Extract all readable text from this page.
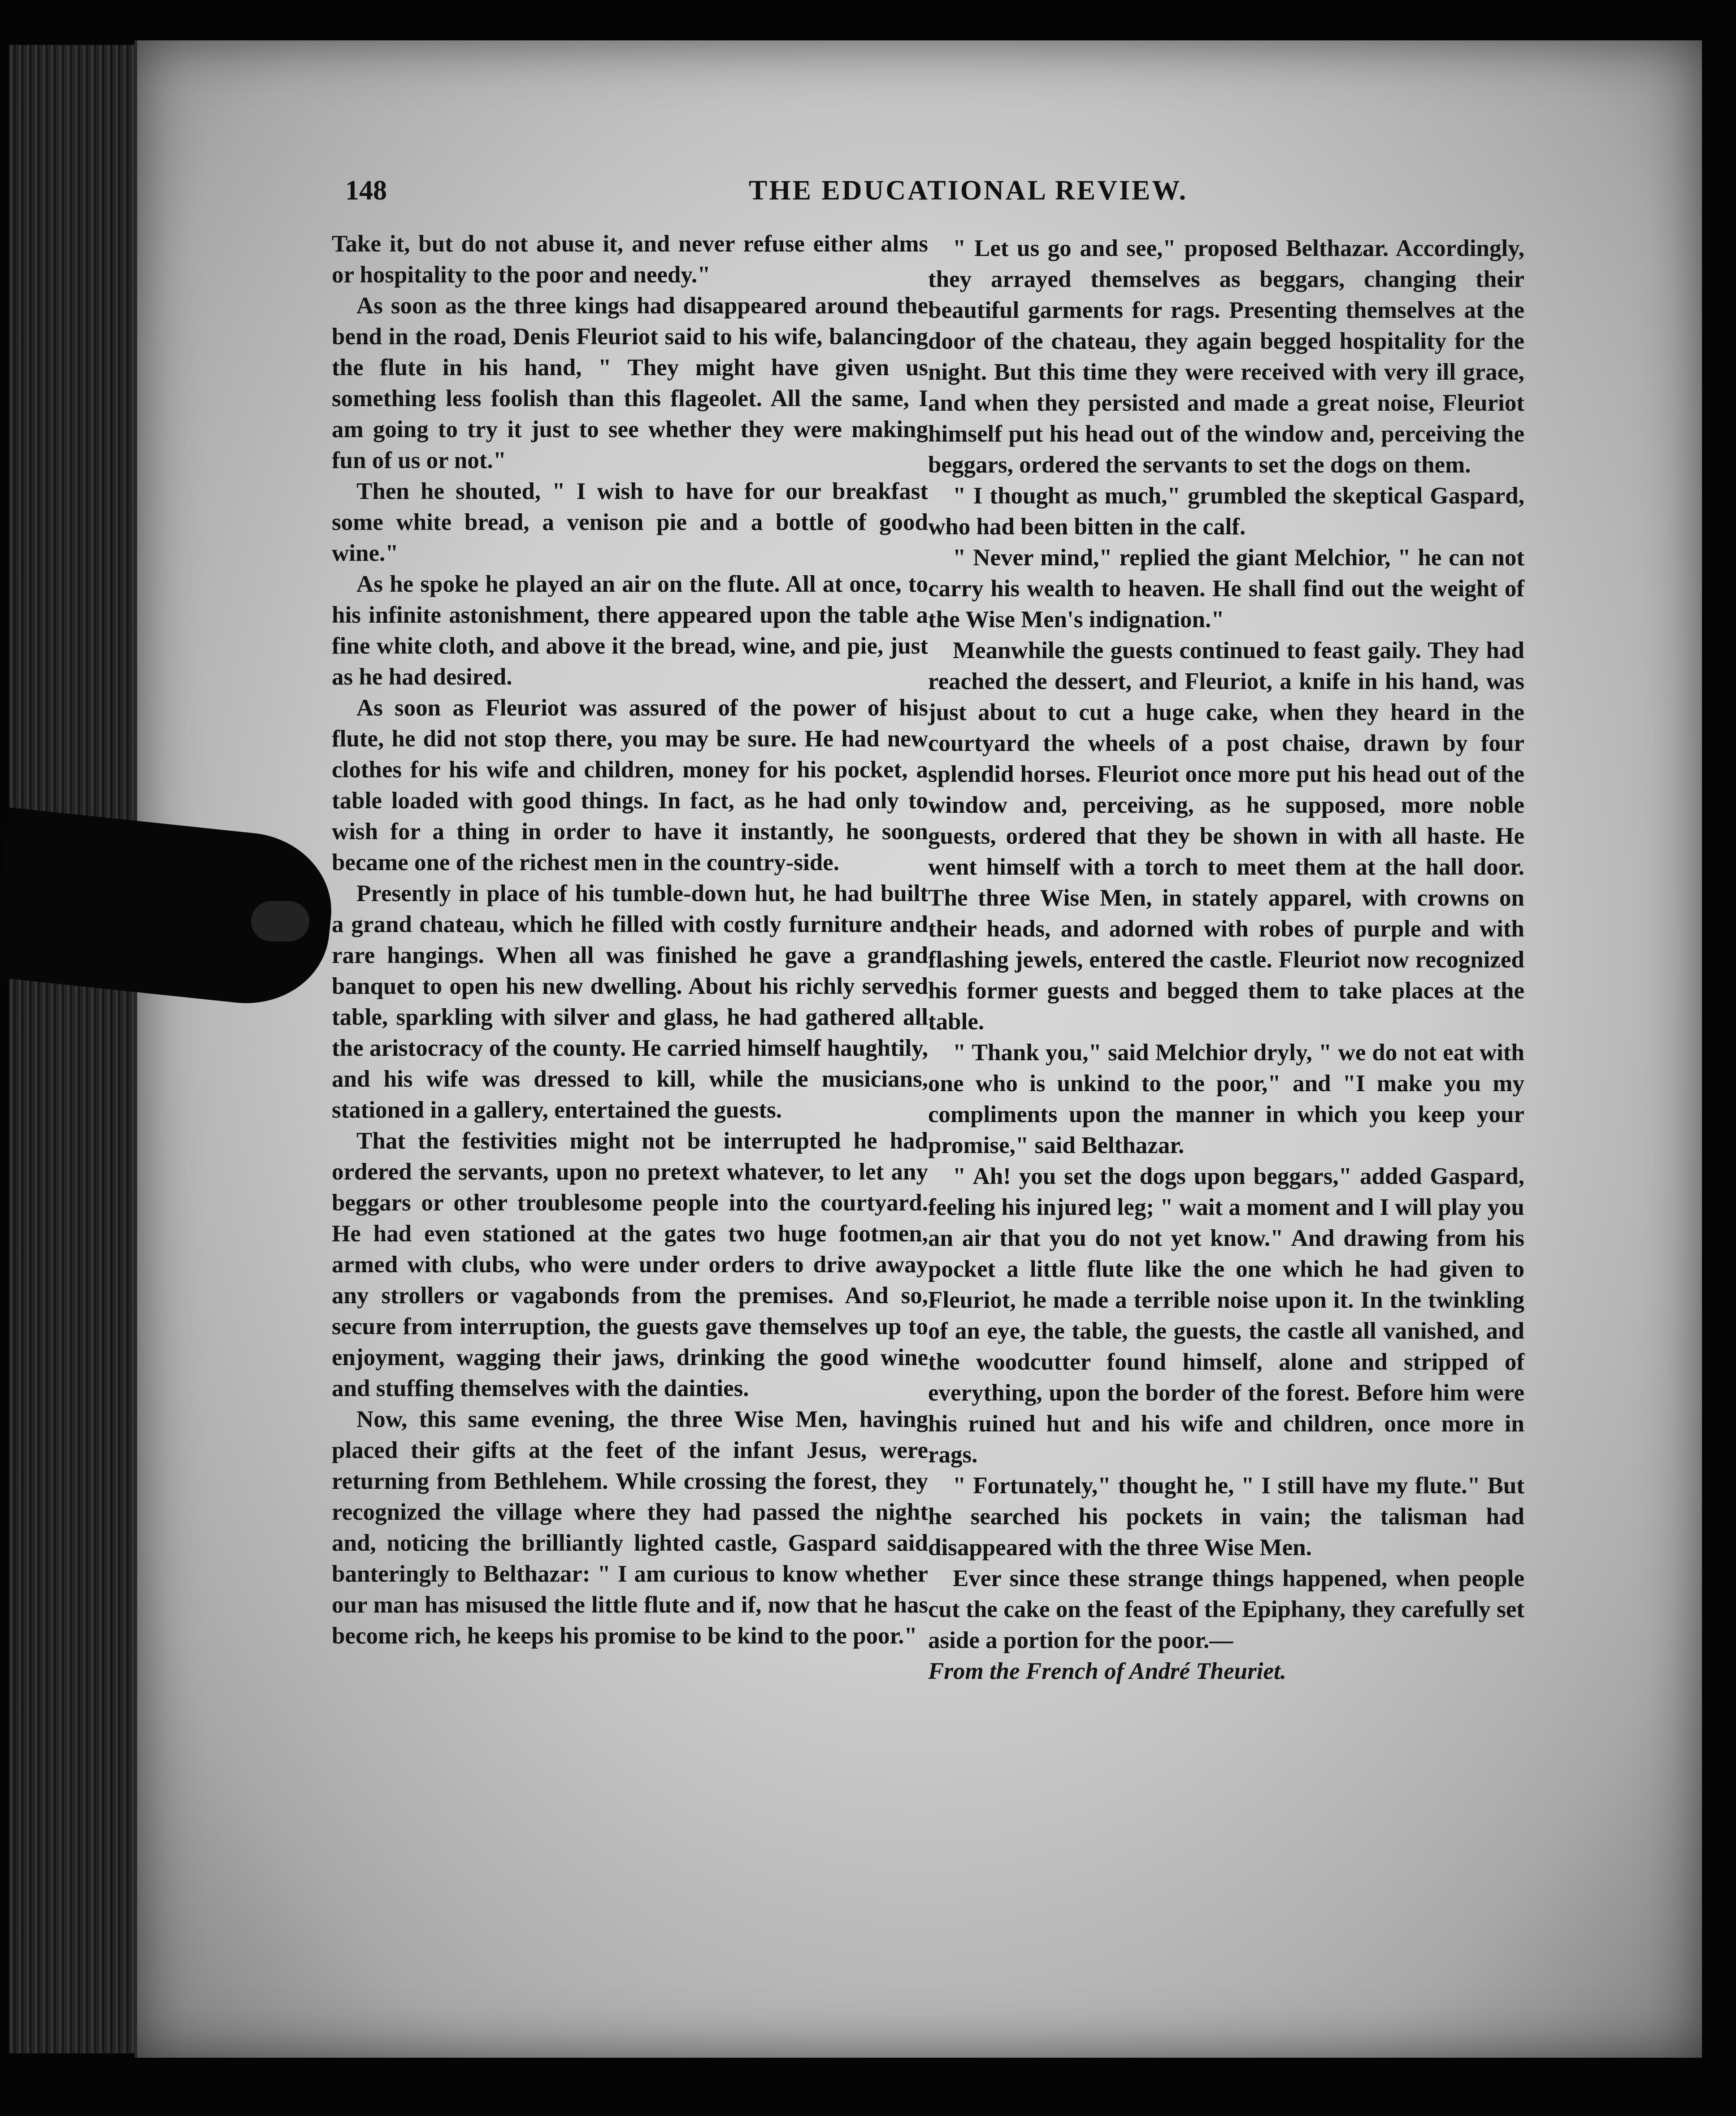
148	THE EDUCATIONAL REVIEW.

Take it, but do not abuse it, and never refuse either alms or hospitality to the poor and needy."

As soon as the three kings had disappeared around the bend in the road, Denis Fleuriot said to his wife, balancing the flute in his hand, " They might have given us something less foolish than this flageolet. All the same, I am going to try it just to see whether they were making fun of us or not."

Then he shouted, " I wish to have for our breakfast some white bread, a venison pie and a bottle of good wine."

As he spoke he played an air on the flute. All at once, to his infinite astonishment, there appeared upon the table a fine white cloth, and above it the bread, wine, and pie, just as he had desired.

As soon as Fleuriot was assured of the power of his flute, he did not stop there, you may be sure. He had new clothes for his wife and children, money for his pocket, a table loaded with good things. In fact, as he had only to wish for a thing in order to have it instantly, he soon became one of the richest men in the country-side.

Presently in place of his tumble-down hut, he had built a grand chateau, which he filled with costly furniture and rare hangings. When all was finished he gave a grand banquet to open his new dwelling. About his richly served table, sparkling with silver and glass, he had gathered all the aristocracy of the county. He carried himself haughtily, and his wife was dressed to kill, while the musicians, stationed in a gallery, entertained the guests.

That the festivities might not be interrupted he had ordered the servants, upon no pretext whatever, to let any beggars or other troublesome people into the courtyard. He had even stationed at the gates two huge footmen, armed with clubs, who were under orders to drive away any strollers or vagabonds from the premises. And so, secure from interruption, the guests gave themselves up to enjoyment, wagging their jaws, drinking the good wine and stuffing themselves with the dainties.

Now, this same evening, the three Wise Men, having placed their gifts at the feet of the infant Jesus, were returning from Bethlehem. While crossing the forest, they recognized the village where they had passed the night and, noticing the brilliantly lighted castle, Gaspard said banteringly to Belthazar: " I am curious to know whether our man has misused the little flute and if, now that he has become rich, he keeps his promise to be kind to the poor."

" Let us go and see," proposed Belthazar. Accordingly, they arrayed themselves as beggars, changing their beautiful garments for rags. Presenting themselves at the door of the chateau, they again begged hospitality for the night. But this time they were received with very ill grace, and when they persisted and made a great noise, Fleuriot himself put his head out of the window and, perceiving the beggars, ordered the servants to set the dogs on them.

" I thought as much," grumbled the skeptical Gaspard, who had been bitten in the calf.

" Never mind," replied the giant Melchior, " he can not carry his wealth to heaven. He shall find out the weight of the Wise Men's indignation."

Meanwhile the guests continued to feast gaily. They had reached the dessert, and Fleuriot, a knife in his hand, was just about to cut a huge cake, when they heard in the courtyard the wheels of a post chaise, drawn by four splendid horses. Fleuriot once more put his head out of the window and, perceiving, as he supposed, more noble guests, ordered that they be shown in with all haste. He went himself with a torch to meet them at the hall door. The three Wise Men, in stately apparel, with crowns on their heads, and adorned with robes of purple and with flashing jewels, entered the castle. Fleuriot now recognized his former guests and begged them to take places at the table.

" Thank you," said Melchior dryly, " we do not eat with one who is unkind to the poor," and "I make you my compliments upon the manner in which you keep your promise," said Belthazar.

" Ah! you set the dogs upon beggars," added Gaspard, feeling his injured leg; " wait a moment and I will play you an air that you do not yet know." And drawing from his pocket a little flute like the one which he had given to Fleuriot, he made a terrible noise upon it. In the twinkling of an eye, the table, the guests, the castle all vanished, and the woodcutter found himself, alone and stripped of everything, upon the border of the forest. Before him were his ruined hut and his wife and children, once more in rags.

" Fortunately," thought he, " I still have my flute." But he searched his pockets in vain; the talisman had disappeared with the three Wise Men.

Ever since these strange things happened, when people cut the cake on the feast of the Epiphany, they carefully set aside a portion for the poor.—

From the French of André Theuriet.
